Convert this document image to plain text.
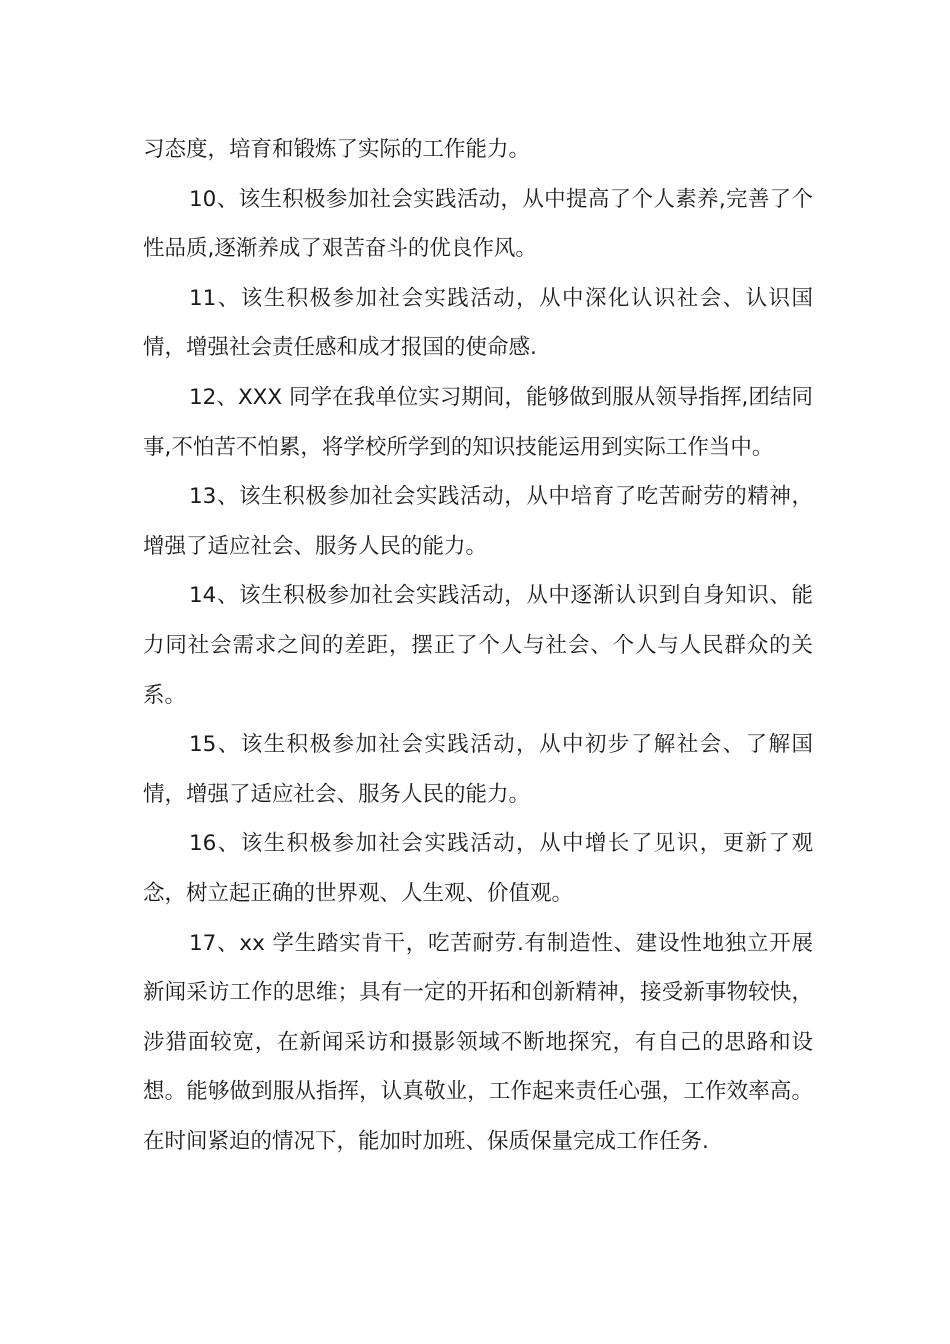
习态度，培育和锻炼了实际的工作能力。

10、该生积极参加社会实践活动，从中提高了个人素养,完善了个性品质,逐渐养成了艰苦奋斗的优良作风。

11、该生积极参加社会实践活动，从中深化认识社会、认识国情，增强社会责任感和成才报国的使命感.

12、XXX 同学在我单位实习期间，能够做到服从领导指挥,团结同事,不怕苦不怕累，将学校所学到的知识技能运用到实际工作当中。

13、该生积极参加社会实践活动，从中培育了吃苦耐劳的精神，增强了适应社会、服务人民的能力。

14、该生积极参加社会实践活动，从中逐渐认识到自身知识、能力同社会需求之间的差距，摆正了个人与社会、个人与人民群众的关系。

15、该生积极参加社会实践活动，从中初步了解社会、了解国情，增强了适应社会、服务人民的能力。

16、该生积极参加社会实践活动，从中增长了见识，更新了观念，树立起正确的世界观、人生观、价值观。

17、xx 学生踏实肯干，吃苦耐劳.有制造性、建设性地独立开展新闻采访工作的思维；具有一定的开拓和创新精神，接受新事物较快，涉猎面较宽，在新闻采访和摄影领域不断地探究，有自己的思路和设想。能够做到服从指挥，认真敬业，工作起来责任心强，工作效率高。在时间紧迫的情况下，能加时加班、保质保量完成工作任务.
